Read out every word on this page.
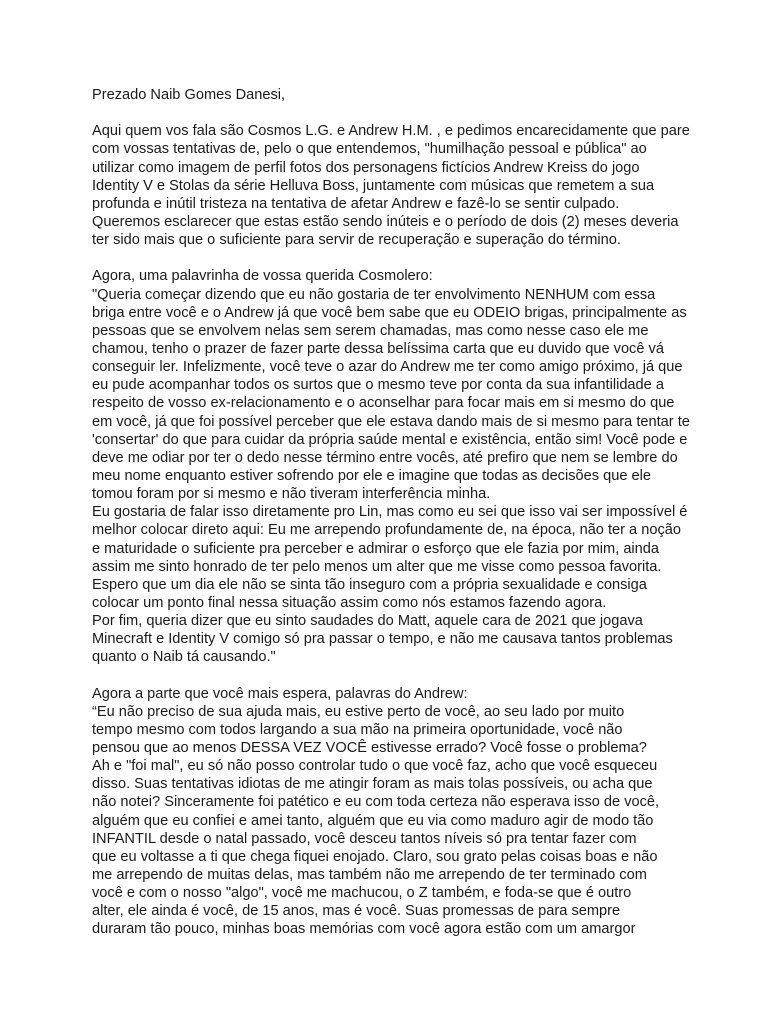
Prezado Naib Gomes Danesi,
Aqui quem vos fala são Cosmos L.G. e Andrew H.M. , e pedimos encarecidamente que pare
com vossas tentativas de, pelo o que entendemos, "humilhação pessoal e pública" ao
utilizar como imagem de perfil fotos dos personagens fictícios Andrew Kreiss do jogo
Identity V e Stolas da série Helluva Boss, juntamente com músicas que remetem a sua
profunda e inútil tristeza na tentativa de afetar Andrew e fazê-lo se sentir culpado.
Queremos esclarecer que estas estão sendo inúteis e o período de dois (2) meses deveria
ter sido mais que o suficiente para servir de recuperação e superação do término.
Agora, uma palavrinha de vossa querida Cosmolero:
"Queria começar dizendo que eu não gostaria de ter envolvimento NENHUM com essa
briga entre você e o Andrew já que você bem sabe que eu ODEIO brigas, principalmente as
pessoas que se envolvem nelas sem serem chamadas, mas como nesse caso ele me
chamou, tenho o prazer de fazer parte dessa belíssima carta que eu duvido que você vá
conseguir ler. Infelizmente, você teve o azar do Andrew me ter como amigo próximo, já que
eu pude acompanhar todos os surtos que o mesmo teve por conta da sua infantilidade a
respeito de vosso ex-relacionamento e o aconselhar para focar mais em si mesmo do que
em você, já que foi possível perceber que ele estava dando mais de si mesmo para tentar te
'consertar' do que para cuidar da própria saúde mental e existência, então sim! Você pode e
deve me odiar por ter o dedo nesse término entre vocês, até prefiro que nem se lembre do
meu nome enquanto estiver sofrendo por ele e imagine que todas as decisões que ele
tomou foram por si mesmo e não tiveram interferência minha.
Eu gostaria de falar isso diretamente pro Lin, mas como eu sei que isso vai ser impossível é
melhor colocar direto aqui: Eu me arrependo profundamente de, na época, não ter a noção
e maturidade o suficiente pra perceber e admirar o esforço que ele fazia por mim, ainda
assim me sinto honrado de ter pelo menos um alter que me visse como pessoa favorita.
Espero que um dia ele não se sinta tão inseguro com a própria sexualidade e consiga
colocar um ponto final nessa situação assim como nós estamos fazendo agora.
Por fim, queria dizer que eu sinto saudades do Matt, aquele cara de 2021 que jogava
Minecraft e Identity V comigo só pra passar o tempo, e não me causava tantos problemas
quanto o Naib tá causando."
Agora a parte que você mais espera, palavras do Andrew:
“Eu não preciso de sua ajuda mais, eu estive perto de você, ao seu lado por muito
tempo mesmo com todos largando a sua mão na primeira oportunidade, você não
pensou que ao menos DESSA VEZ VOCÊ estivesse errado? Você fosse o problema?
Ah e "foi mal", eu só não posso controlar tudo o que você faz, acho que você esqueceu
disso. Suas tentativas idiotas de me atingir foram as mais tolas possíveis, ou acha que
não notei? Sinceramente foi patético e eu com toda certeza não esperava isso de você,
alguém que eu confiei e amei tanto, alguém que eu via como maduro agir de modo tão
INFANTIL desde o natal passado, você desceu tantos níveis só pra tentar fazer com
que eu voltasse a ti que chega fiquei enojado. Claro, sou grato pelas coisas boas e não
me arrependo de muitas delas, mas também não me arrependo de ter terminado com
você e com o nosso "algo", você me machucou, o Z também, e foda-se que é outro
alter, ele ainda é você, de 15 anos, mas é você. Suas promessas de para sempre
duraram tão pouco, minhas boas memórias com você agora estão com um amargor
